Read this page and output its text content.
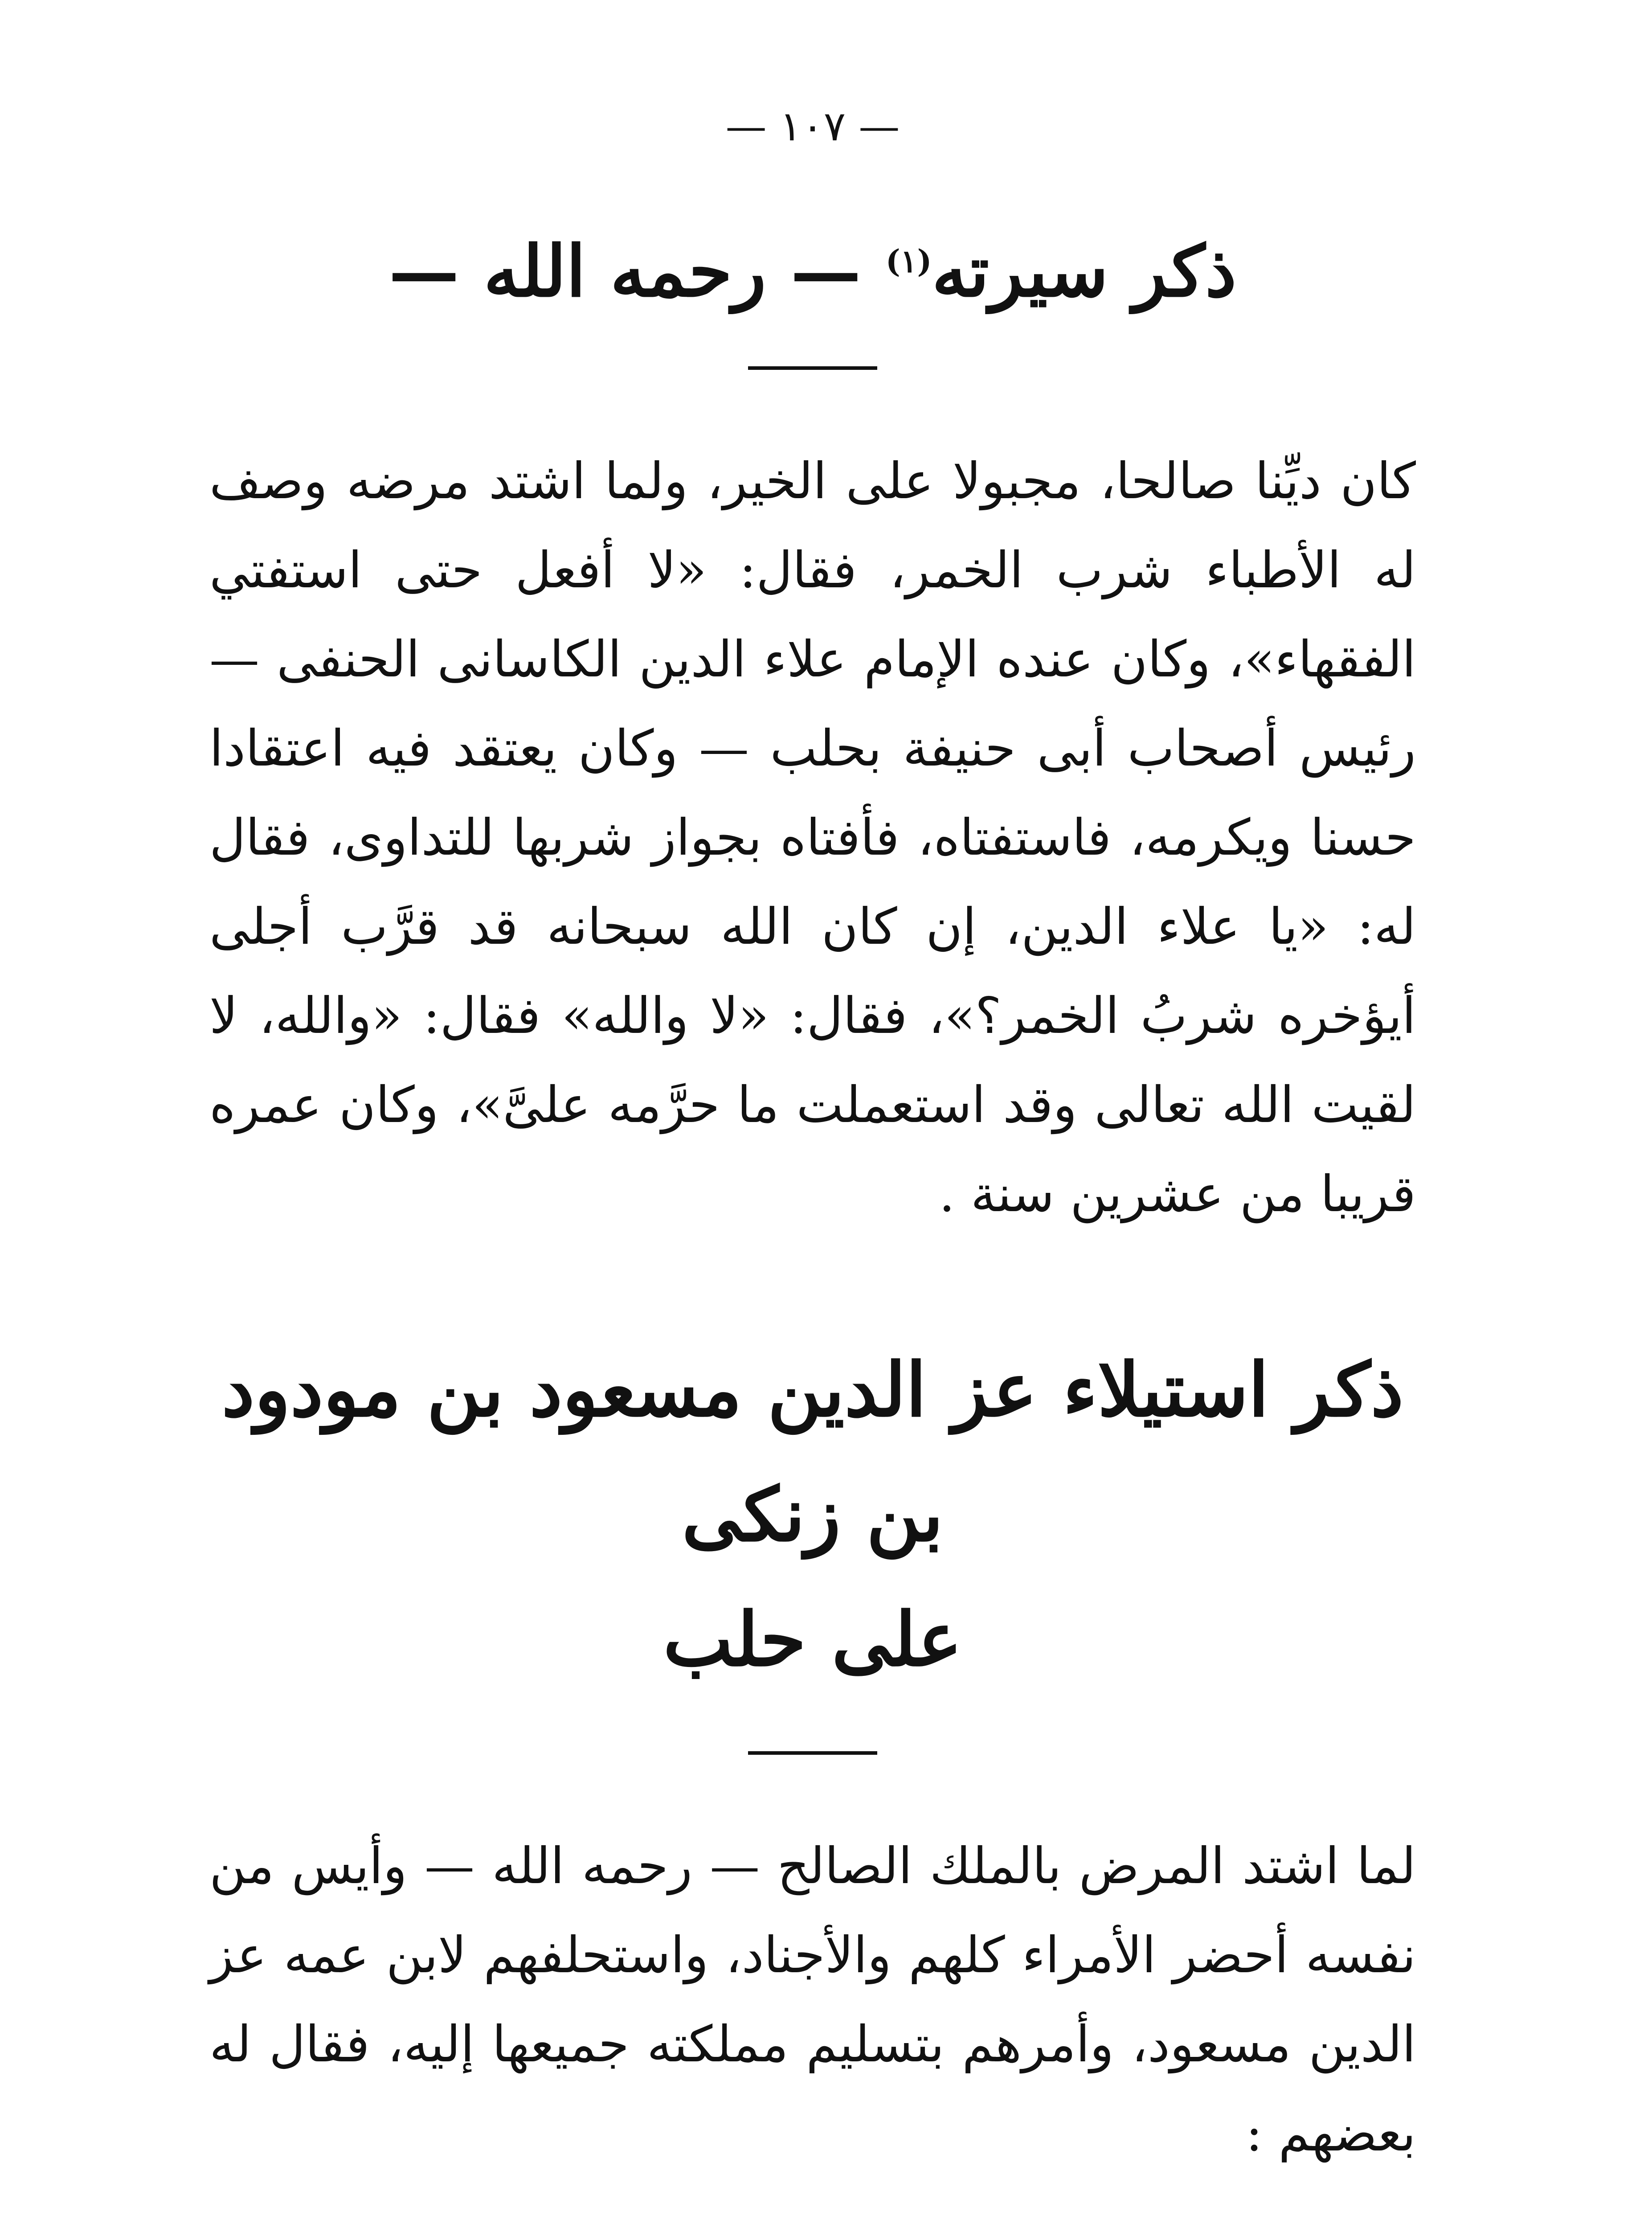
— ١٠٧ —
ذكر سيرته$^{(١)}$ — رحمه الله —

كان ديِّنا صالحا، مجبولا على الخير، ولما اشتد مرضه وصف له الأطباء شرب الخمر، فقال: «لا أفعل حتى استفتي الفقهاء»، وكان عنده الإمام علاء الدين الكاسانى الحنفى — رئيس أصحاب أبى حنيفة بحلب — وكان يعتقد فيه اعتقادا حسنا ويكرمه، فاستفتاه، فأفتاه بجواز شربها للتداوى، فقال له: «يا علاء الدين، إن كان الله سبحانه قد قرَّب أجلى أيؤخره شربُ الخمر؟»، فقال: «لا والله» فقال: «والله، لا لقيت الله تعالى وقد استعملت ما حرَّمه علىَّ»، وكان عمره قريبا من عشرين سنة .

ذكر استيلاء عز الدين مسعود بن مودود بن زنكى
على حلب

لما اشتد المرض بالملك الصالح — رحمه الله — وأيس من نفسه أحضر الأمراء كلهم والأجناد، واستحلفهم لابن عمه عز الدين مسعود، وأمرهم بتسليم مملكته جميعها إليه، فقال له بعضهم :
